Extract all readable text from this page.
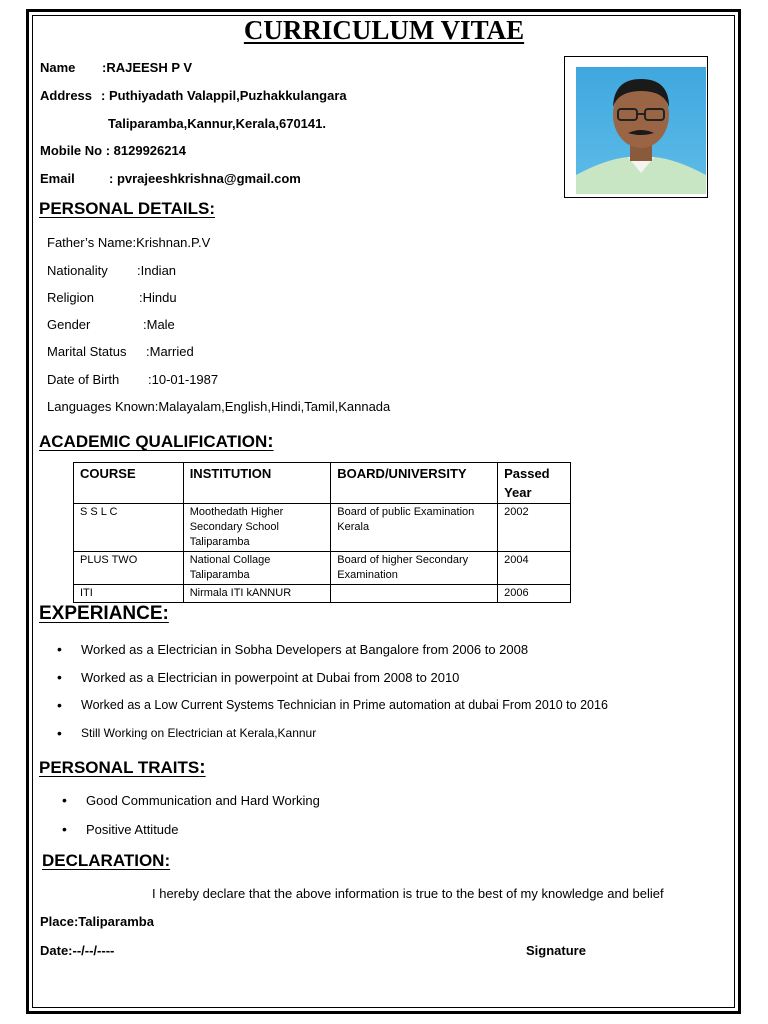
CURRICULUM VITAE
Name :RAJEESH P V
Address : Puthiyadath Valappil,Puzhakkulangara
Taliparamba,Kannur,Kerala,670141.
Mobile No : 8129926214
Email	: pvrajeeshkrishna@gmail.com
PERSONAL DETAILS:
Father’s Name:Krishnan.P.V
Nationality :Indian
Religion	:Hindu
Gender	:Male
Marital Status :Married
Date of Birth :10-01-1987
Languages Known:Malayalam,English,Hindi,Tamil,Kannada
ACADEMIC QUALIFICATION:
COURSE	INSTITUTION	BOARD/UNIVERSITY	Passed Year
S S L C	Moothedath Higher Secondary School Taliparamba	Board of public Examination Kerala	2002
PLUS TWO	National Collage Taliparamba	Board of higher Secondary Examination	2004
ITI	Nirmala ITI kANNUR		2006
EXPERIANCE:
• Worked as a Electrician in Sobha Developers at Bangalore from 2006 to 2008
• Worked as a Electrician in powerpoint at Dubai from 2008 to 2010
• Worked as a Low Current Systems Technician in Prime automation at dubai From 2010 to 2016
• Still Working on Electrician at Kerala,Kannur
PERSONAL TRAITS:
• Good Communication and Hard Working
• Positive Attitude
DECLARATION:
I hereby declare that the above information is true to the best of my knowledge and belief
Place:Taliparamba
Date:--/--/----	Signature
